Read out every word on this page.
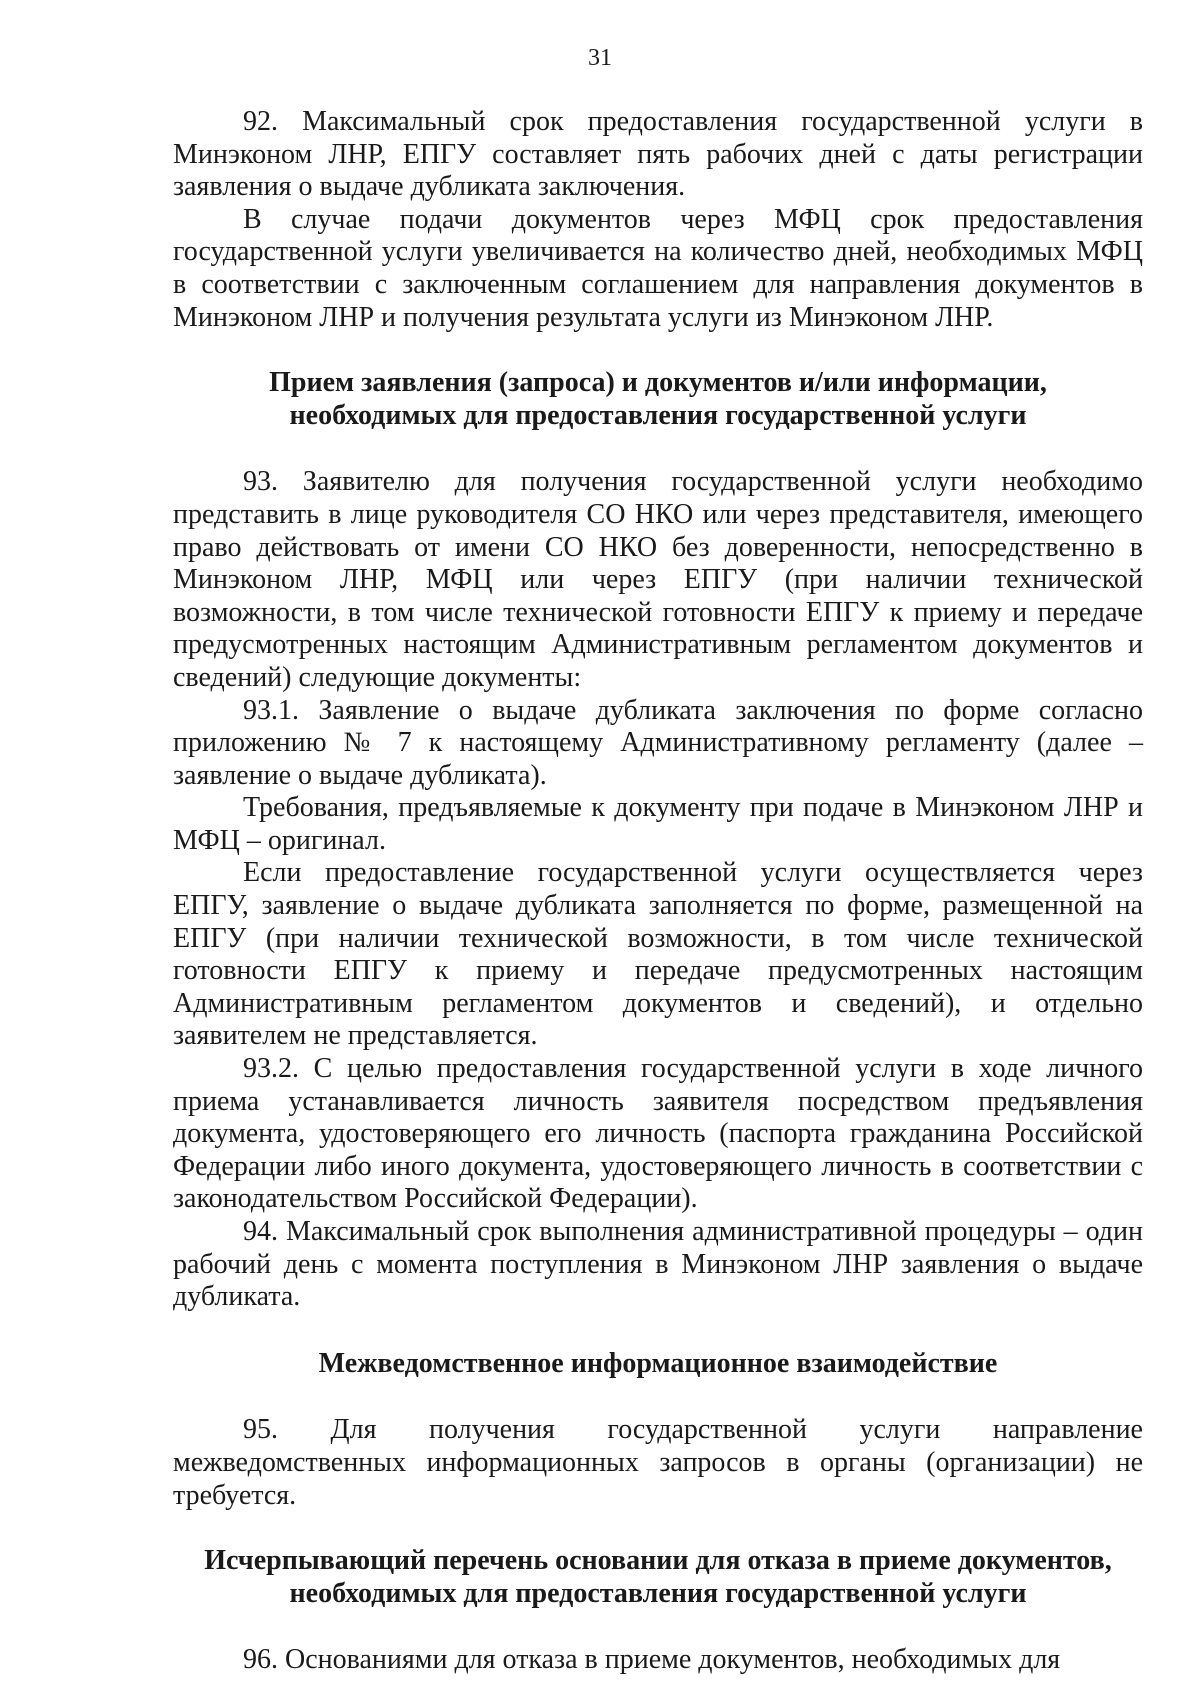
31

92. Максимальный срок предоставления государственной услуги в Минэконом ЛНР, ЕПГУ составляет пять рабочих дней с даты регистрации заявления о выдаче дубликата заключения.

В случае подачи документов через МФЦ срок предоставления государственной услуги увеличивается на количество дней, необходимых МФЦ в соответствии с заключенным соглашением для направления документов в Минэконом ЛНР и получения результата услуги из Минэконом ЛНР.

Прием заявления (запроса) и документов и/или информации,
необходимых для предоставления государственной услуги

93. Заявителю для получения государственной услуги необходимо представить в лице руководителя СО НКО или через представителя, имеющего право действовать от имени СО НКО без доверенности, непосредственно в Минэконом ЛНР, МФЦ или через ЕПГУ (при наличии технической возможности, в том числе технической готовности ЕПГУ к приему и передаче предусмотренных настоящим Административным регламентом документов и сведений) следующие документы:

93.1. Заявление о выдаче дубликата заключения по форме согласно приложению № 7 к настоящему Административному регламенту (далее – заявление о выдаче дубликата).

Требования, предъявляемые к документу при подаче в Минэконом ЛНР и МФЦ – оригинал.

Если предоставление государственной услуги осуществляется через ЕПГУ, заявление о выдаче дубликата заполняется по форме, размещенной на ЕПГУ (при наличии технической возможности, в том числе технической готовности ЕПГУ к приему и передаче предусмотренных настоящим Административным регламентом документов и сведений), и отдельно заявителем не представляется.

93.2. С целью предоставления государственной услуги в ходе личного приема устанавливается личность заявителя посредством предъявления документа, удостоверяющего его личность (паспорта гражданина Российской Федерации либо иного документа, удостоверяющего личность в соответствии с законодательством Российской Федерации).

94. Максимальный срок выполнения административной процедуры – один рабочий день с момента поступления в Минэконом ЛНР заявления о выдаче дубликата.

Межведомственное информационное взаимодействие

95. Для получения государственной услуги направление межведомственных информационных запросов в органы (организации) не требуется.

Исчерпывающий перечень основании для отказа в приеме документов,
необходимых для предоставления государственной услуги

96. Основаниями для отказа в приеме документов, необходимых для
